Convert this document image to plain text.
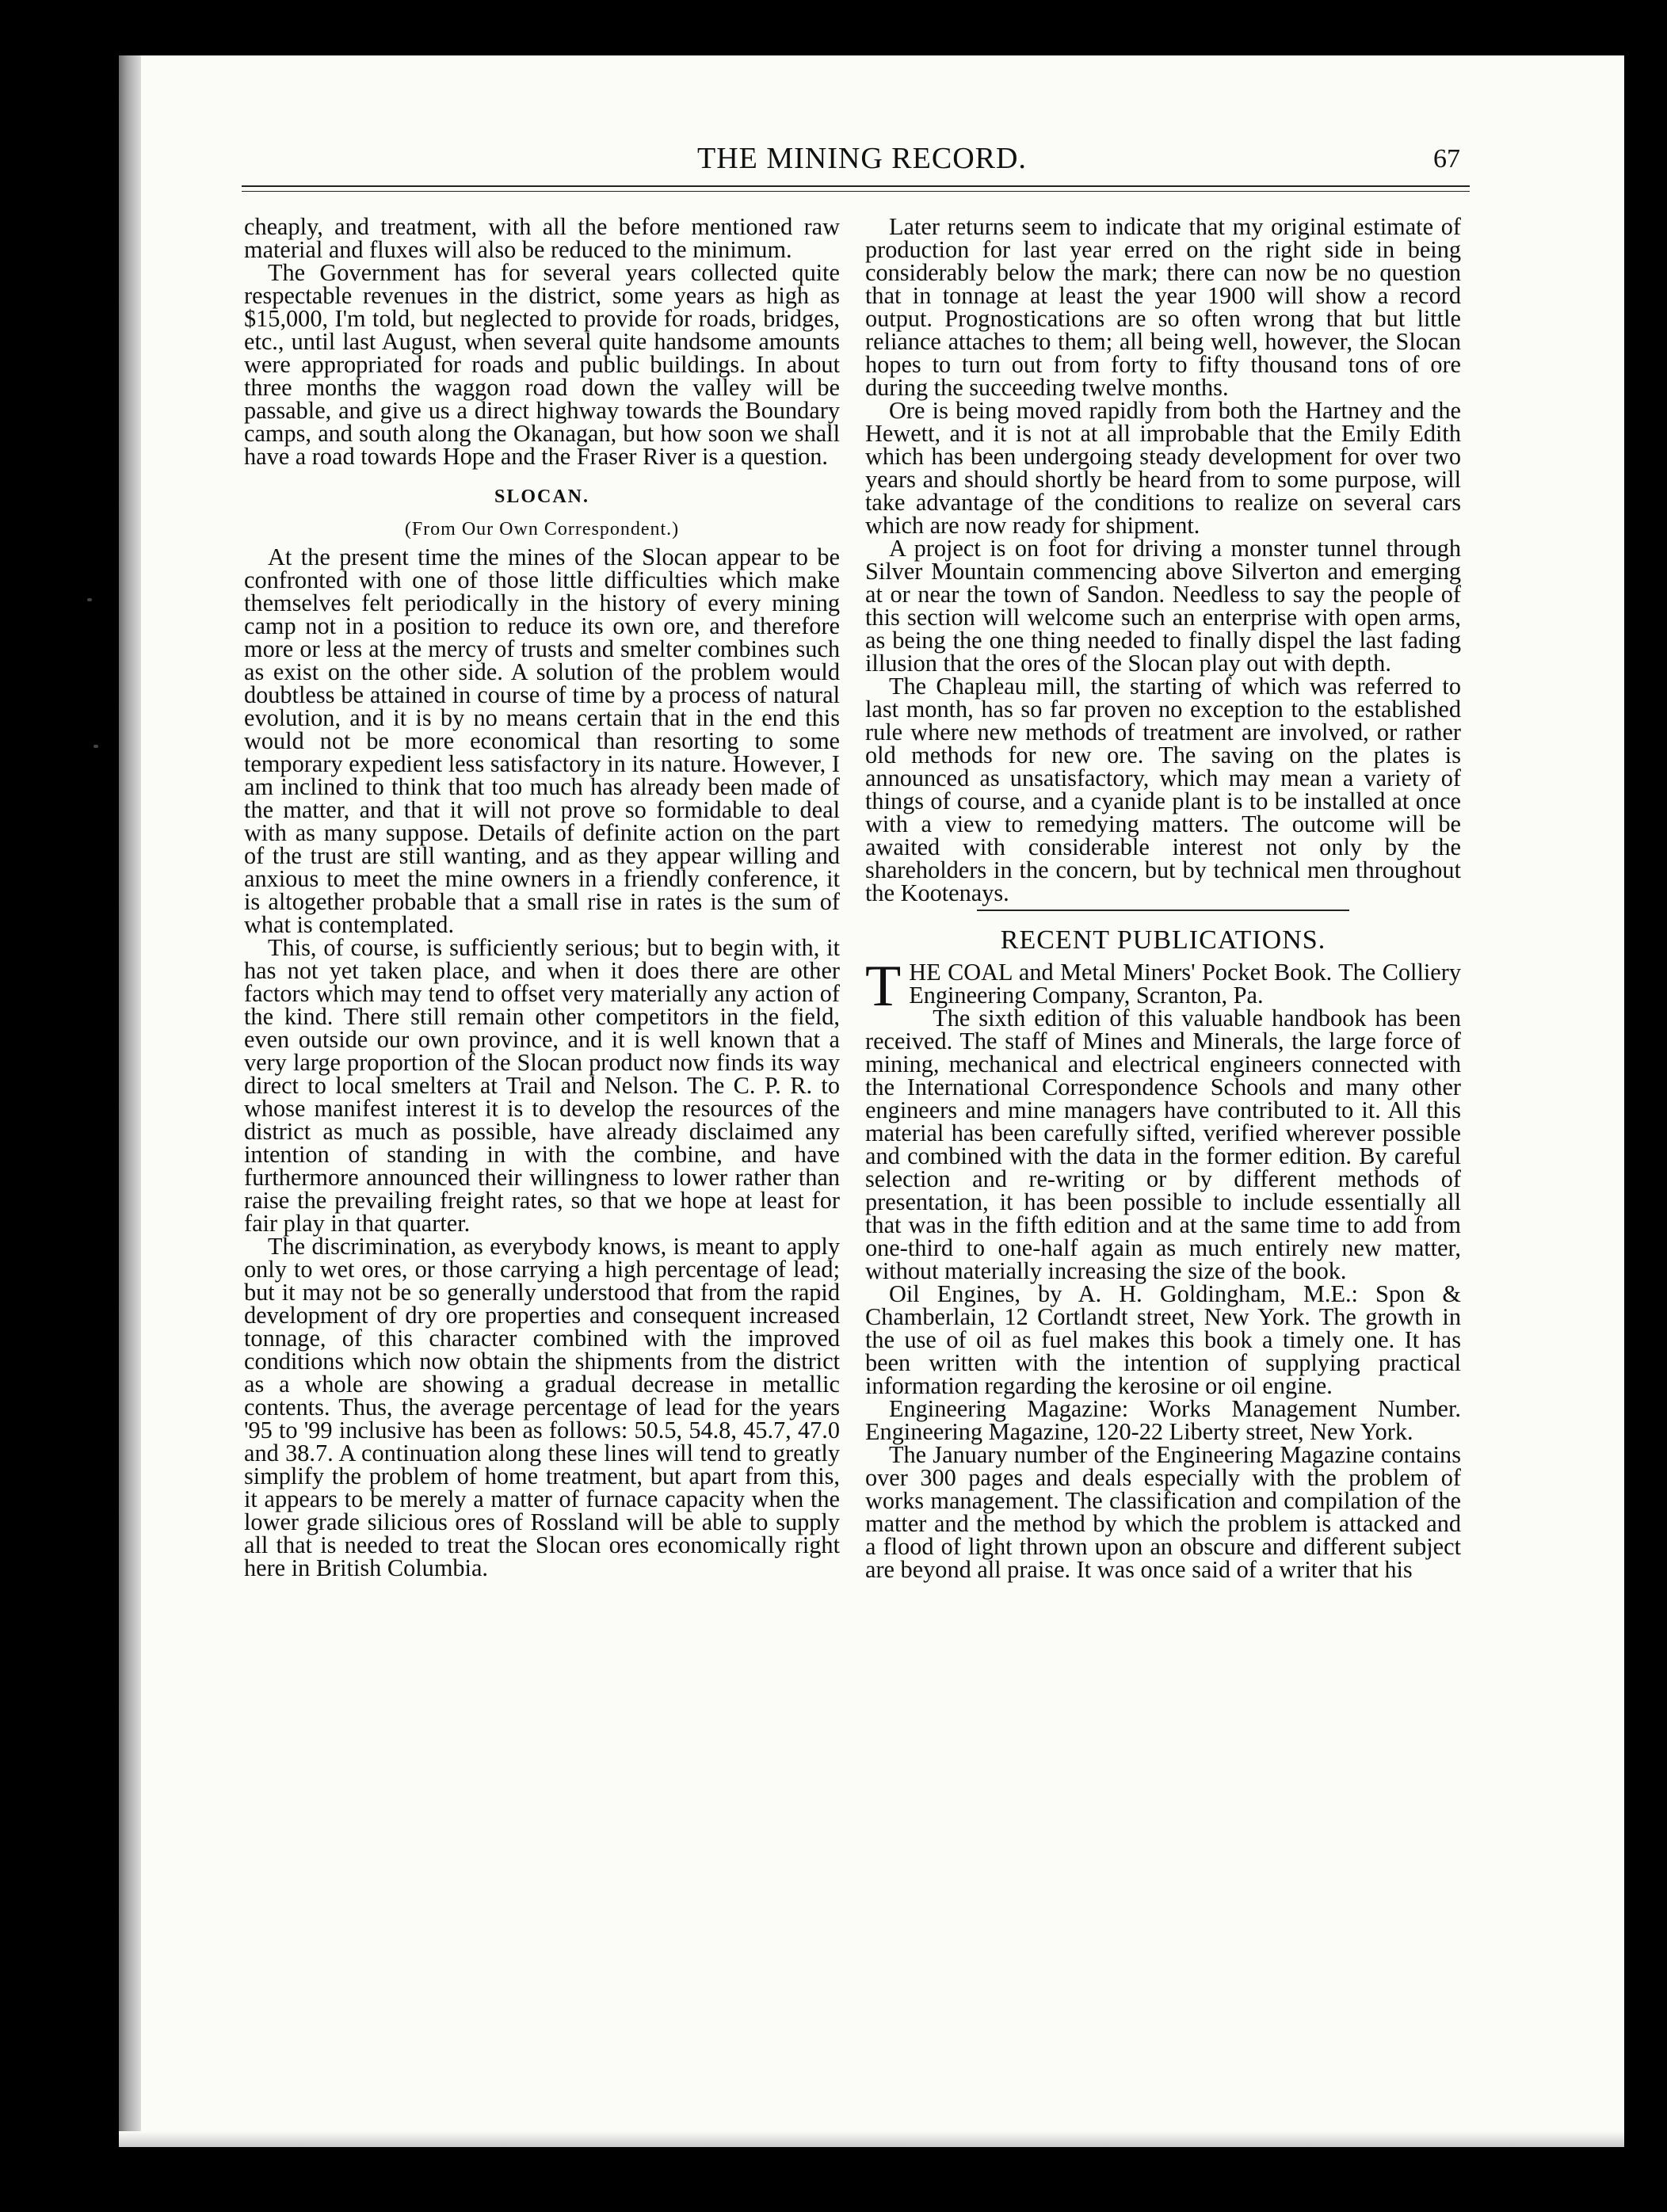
THE MINING RECORD.	67

cheaply, and treatment, with all the before mentioned raw material and fluxes will also be reduced to the minimum.

The Government has for several years collected quite respectable revenues in the district, some years as high as $15,000, I'm told, but neglected to provide for roads, bridges, etc., until last August, when several quite handsome amounts were appropriated for roads and public buildings. In about three months the waggon road down the valley will be passable, and give us a direct highway towards the Boundary camps, and south along the Okanagan, but how soon we shall have a road towards Hope and the Fraser River is a question.

SLOCAN.
(From Our Own Correspondent.)

At the present time the mines of the Slocan appear to be confronted with one of those little difficulties which make themselves felt periodically in the history of every mining camp not in a position to reduce its own ore, and therefore more or less at the mercy of trusts and smelter combines such as exist on the other side. A solution of the problem would doubtless be attained in course of time by a process of natural evolution, and it is by no means certain that in the end this would not be more economical than resorting to some temporary expedient less satisfactory in its nature. However, I am inclined to think that too much has already been made of the matter, and that it will not prove so formidable to deal with as many suppose. Details of definite action on the part of the trust are still wanting, and as they appear willing and anxious to meet the mine owners in a friendly conference, it is altogether probable that a small rise in rates is the sum of what is contemplated.

This, of course, is sufficiently serious; but to begin with, it has not yet taken place, and when it does there are other factors which may tend to offset very materially any action of the kind. There still remain other competitors in the field, even outside our own province, and it is well known that a very large proportion of the Slocan product now finds its way direct to local smelters at Trail and Nelson. The C. P. R. to whose manifest interest it is to develop the resources of the district as much as possible, have already disclaimed any intention of standing in with the combine, and have furthermore announced their willingness to lower rather than raise the prevailing freight rates, so that we hope at least for fair play in that quarter.

The discrimination, as everybody knows, is meant to apply only to wet ores, or those carrying a high percentage of lead; but it may not be so generally understood that from the rapid development of dry ore properties and consequent increased tonnage, of this character combined with the improved conditions which now obtain the shipments from the district as a whole are showing a gradual decrease in metallic contents. Thus, the average percentage of lead for the years '95 to '99 inclusive has been as follows: 50.5, 54.8, 45.7, 47.0 and 38.7. A continuation along these lines will tend to greatly simplify the problem of home treatment, but apart from this, it appears to be merely a matter of furnace capacity when the lower grade silicious ores of Rossland will be able to supply all that is needed to treat the Slocan ores economically right here in British Columbia.

Later returns seem to indicate that my original estimate of production for last year erred on the right side in being considerably below the mark; there can now be no question that in tonnage at least the year 1900 will show a record output. Prognostications are so often wrong that but little reliance attaches to them; all being well, however, the Slocan hopes to turn out from forty to fifty thousand tons of ore during the succeeding twelve months.

Ore is being moved rapidly from both the Hartney and the Hewett, and it is not at all improbable that the Emily Edith which has been undergoing steady development for over two years and should shortly be heard from to some purpose, will take advantage of the conditions to realize on several cars which are now ready for shipment.

A project is on foot for driving a monster tunnel through Silver Mountain commencing above Silverton and emerging at or near the town of Sandon. Needless to say the people of this section will welcome such an enterprise with open arms, as being the one thing needed to finally dispel the last fading illusion that the ores of the Slocan play out with depth.

The Chapleau mill, the starting of which was referred to last month, has so far proven no exception to the established rule where new methods of treatment are involved, or rather old methods for new ore. The saving on the plates is announced as unsatisfactory, which may mean a variety of things of course, and a cyanide plant is to be installed at once with a view to remedying matters. The outcome will be awaited with considerable interest not only by the shareholders in the concern, but by technical men throughout the Kootenays.

RECENT PUBLICATIONS.

THE COAL and Metal Miners' Pocket Book. The Colliery Engineering Company, Scranton, Pa.

The sixth edition of this valuable handbook has been received. The staff of Mines and Minerals, the large force of mining, mechanical and electrical engineers connected with the International Correspondence Schools and many other engineers and mine managers have contributed to it. All this material has been carefully sifted, verified wherever possible and combined with the data in the former edition. By careful selection and re-writing or by different methods of presentation, it has been possible to include essentially all that was in the fifth edition and at the same time to add from one-third to one-half again as much entirely new matter, without materially increasing the size of the book.

Oil Engines, by A. H. Goldingham, M.E.: Spon & Chamberlain, 12 Cortlandt street, New York. The growth in the use of oil as fuel makes this book a timely one. It has been written with the intention of supplying practical information regarding the kerosine or oil engine.

Engineering Magazine: Works Management Number. Engineering Magazine, 120-22 Liberty street, New York.

The January number of the Engineering Magazine contains over 300 pages and deals especially with the problem of works management. The classification and compilation of the matter and the method by which the problem is attacked and a flood of light thrown upon an obscure and different subject are beyond all praise. It was once said of a writer that his
